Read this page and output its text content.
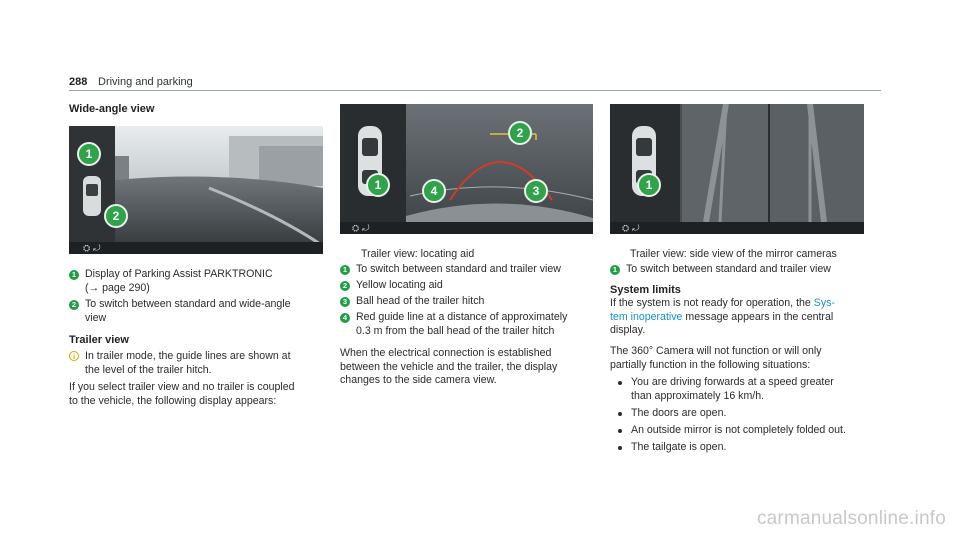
288 Driving and parking
Wide-angle view
⛭ ⤾
1
2
1 Display of Parking Assist PARKTRONIC
(→ page 290)
2 To switch between standard and wide-angle
view
Trailer view
i In trailer mode, the guide lines are shown at
the level of the trailer hitch.
If you select trailer view and no trailer is coupled
to the vehicle, the following display appears:
⛭ ⤾
1
2
3
4
Trailer view: locating aid
1 To switch between standard and trailer view
2 Yellow locating aid
3 Ball head of the trailer hitch
4 Red guide line at a distance of approximately
0.3 m from the ball head of the trailer hitch
When the electrical connection is established
between the vehicle and the trailer, the display
changes to the side camera view.
⛭ ⤾
1
Trailer view: side view of the mirror cameras
1 To switch between standard and trailer view
System limits
If the system is not ready for operation, the Sys-
tem inoperative message appears in the central
display.
The 360° Camera will not function or will only
partially function in the following situations:
You are driving forwards at a speed greater
than approximately 16 km/h.
The doors are open.
An outside mirror is not completely folded out.
The tailgate is open.
carmanualsonline.info
